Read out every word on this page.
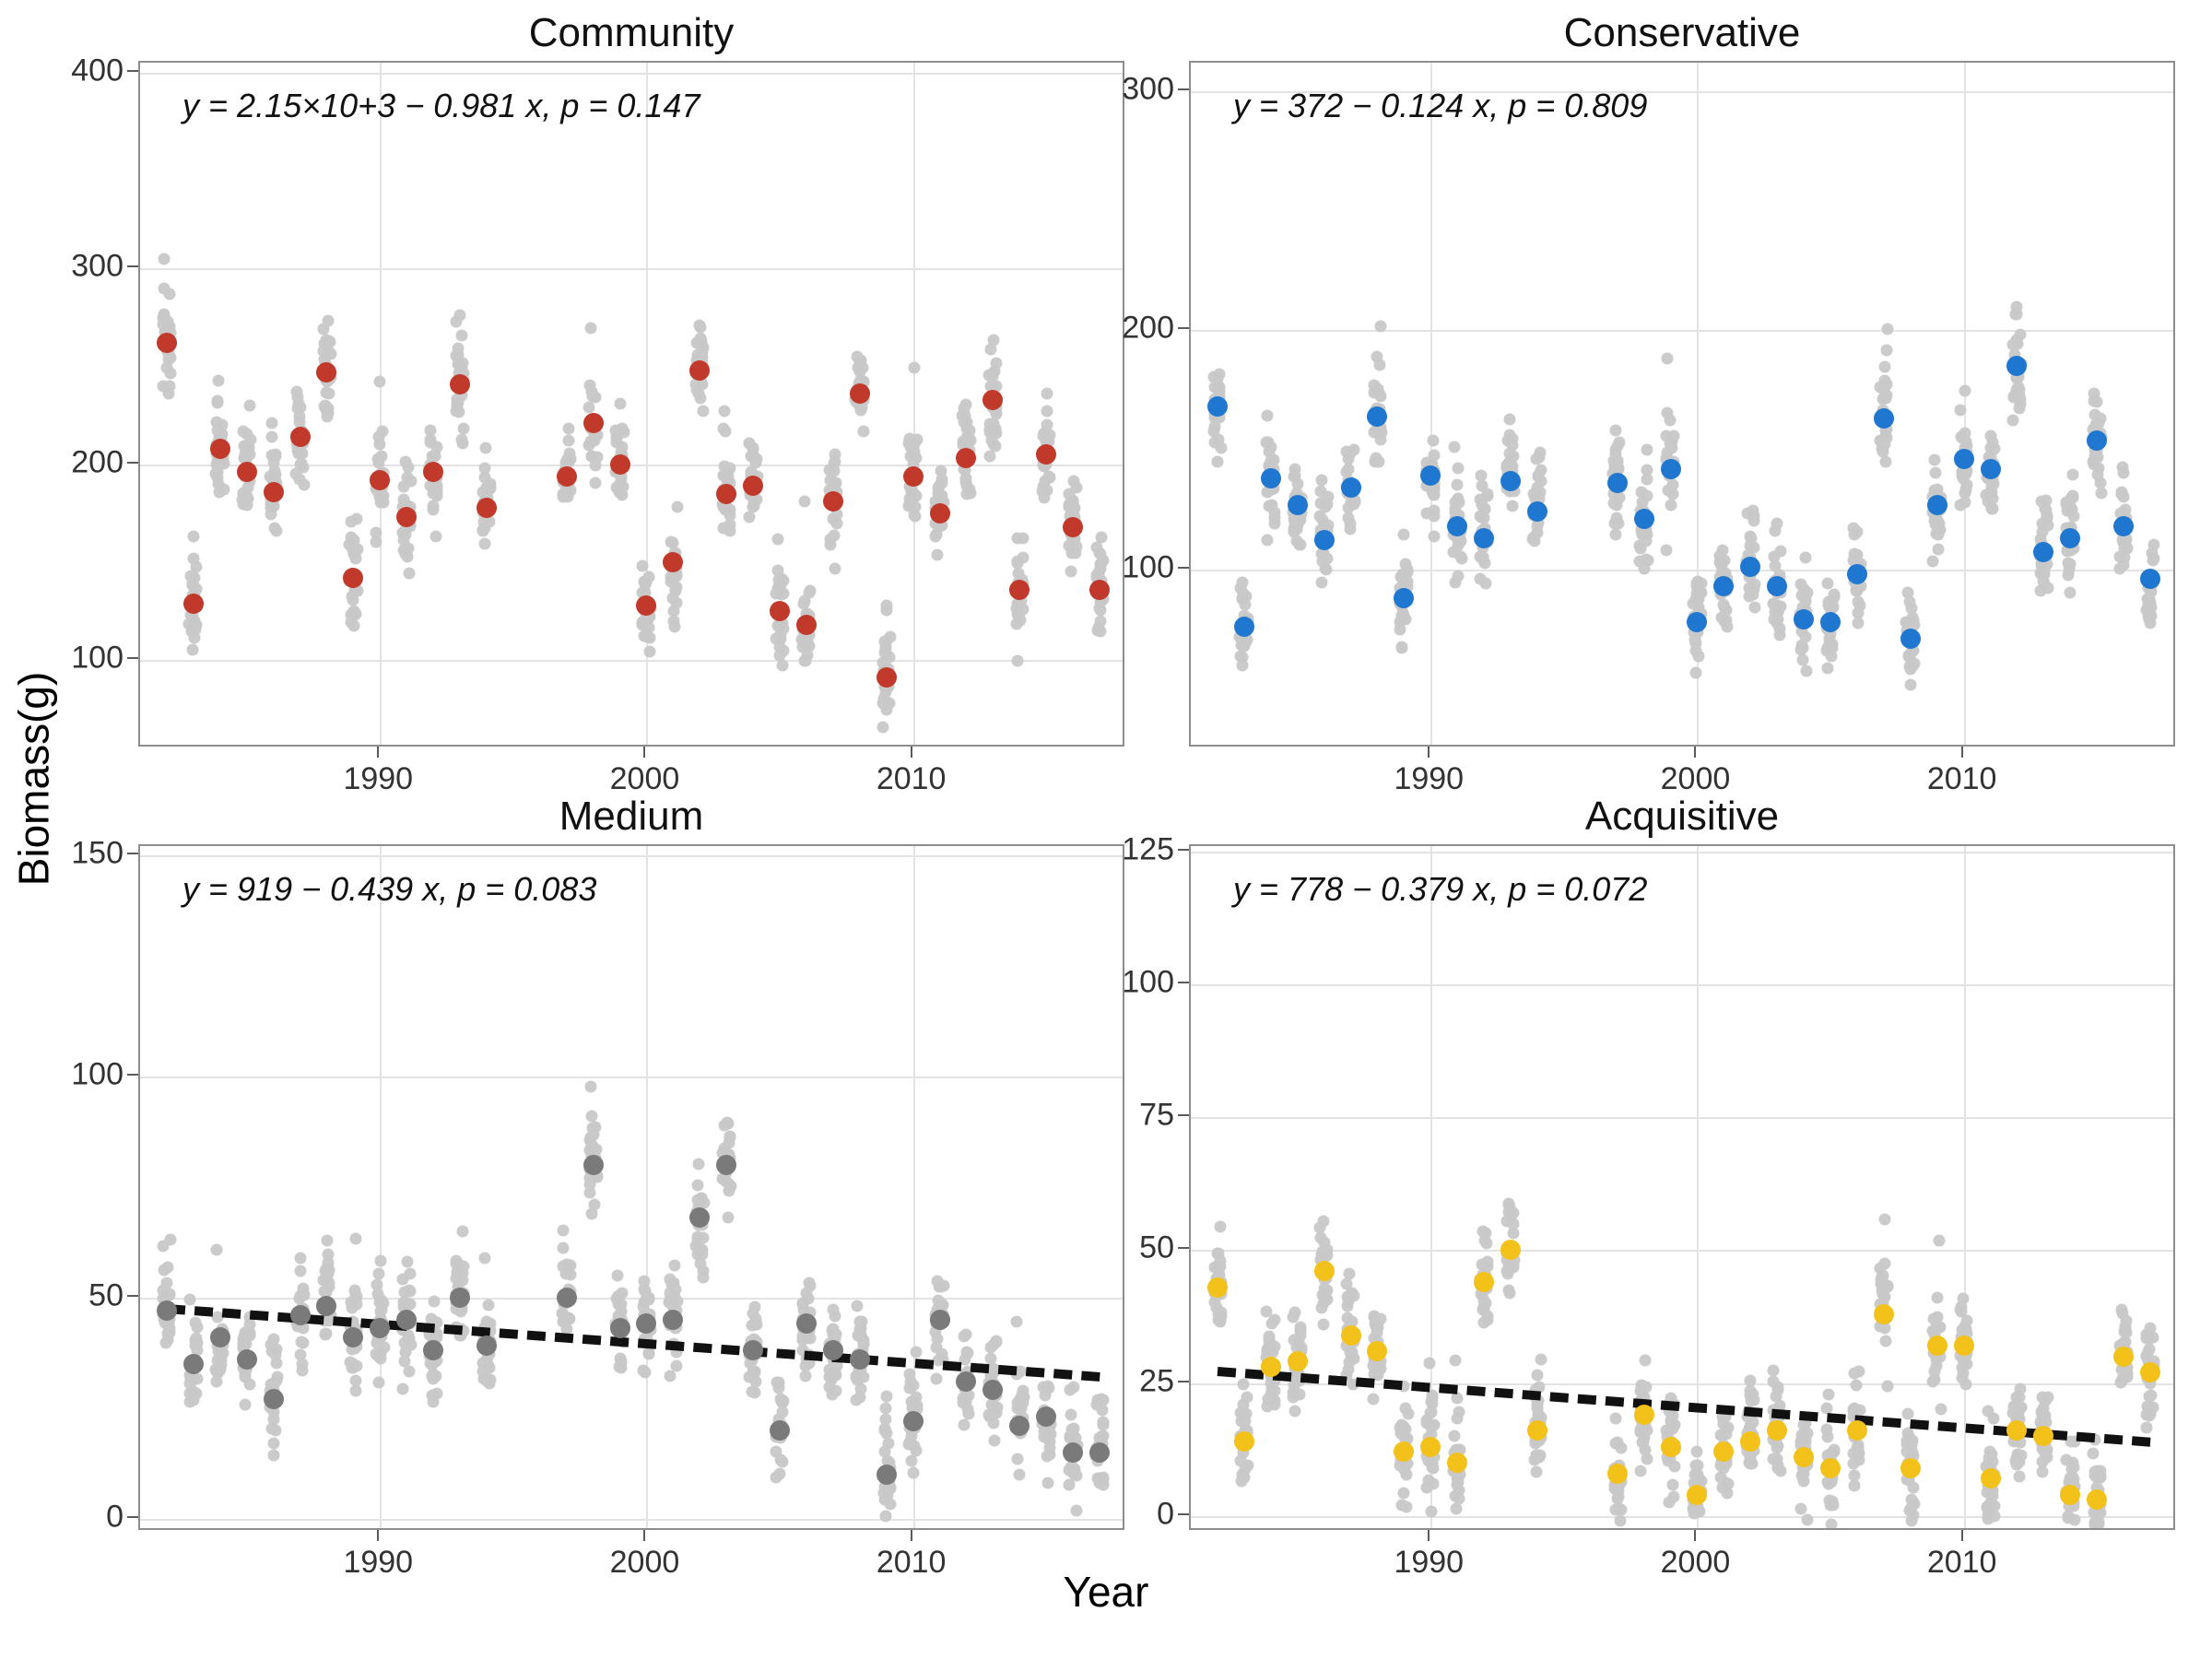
Biomass(g)
Year
Community	Conservative
Medium	Acquisitive
y = 2.15×10+3 − 0.981 x, p = 0.147
100
200
300
400
1990	2000	2010
y = 372 − 0.124 x, p = 0.809
100
200
300
1990	2000	2010
y = 919 − 0.439 x, p = 0.083
0
50
100
150
1990	2000	2010
y = 778 − 0.379 x, p = 0.072
0
25
50
75
100
125
1990	2000	2010
